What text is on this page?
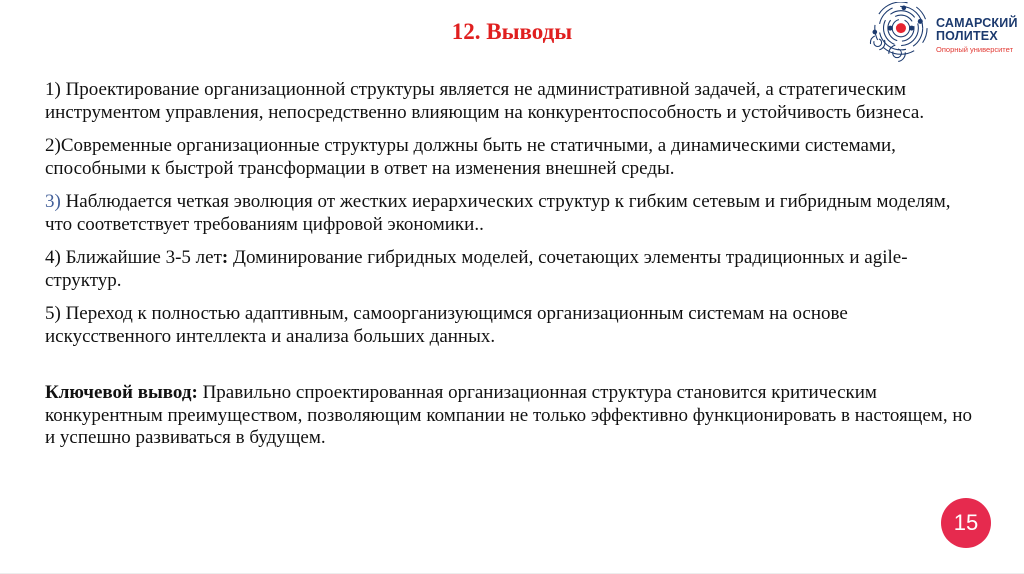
12. Выводы	САМАРСКИЙ
ПОЛИТЕХ
Опорный университет

1) Проектирование организационной структуры является не административной задачей, а стратегическим инструментом управления, непосредственно влияющим на конкурентоспособность и устойчивость бизнеса.

2)Современные организационные структуры должны быть не статичными, а динамическими системами, способными к быстрой трансформации в ответ на изменения внешней среды.

3) Наблюдается четкая эволюция от жестких иерархических структур к гибким сетевым и гибридным моделям, что соответствует требованиям цифровой экономики..

4) Ближайшие 3-5 лет: Доминирование гибридных моделей, сочетающих элементы традиционных и agile-структур.

5) Переход к полностью адаптивным, самоорганизующимся организационным системам на основе искусственного интеллекта и анализа больших данных.

Ключевой вывод: Правильно спроектированная организационная структура становится критическим конкурентным преимуществом, позволяющим компании не только эффективно функционировать в настоящем, но и успешно развиваться в будущем.

15
